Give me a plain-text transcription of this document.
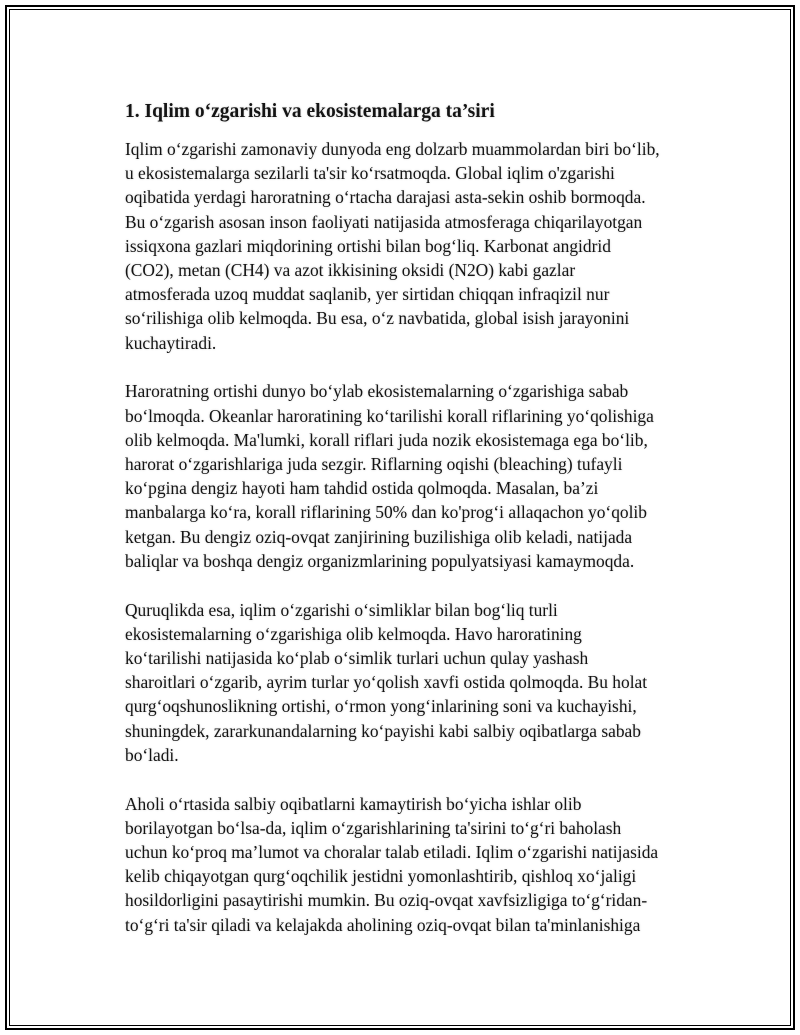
1. Iqlim o‘zgarishi va ekosistemalarga ta’siri

Iqlim o‘zgarishi zamonaviy dunyoda eng dolzarb muammolardan biri bo‘lib,
u ekosistemalarga sezilarli ta'sir ko‘rsatmoqda. Global iqlim o'zgarishi
oqibatida yerdagi haroratning o‘rtacha darajasi asta-sekin oshib bormoqda.
Bu o‘zgarish asosan inson faoliyati natijasida atmosferaga chiqarilayotgan
issiqxona gazlari miqdorining ortishi bilan bog‘liq. Karbonat angidrid
(CO2), metan (CH4) va azot ikkisining oksidi (N2O) kabi gazlar
atmosferada uzoq muddat saqlanib, yer sirtidan chiqqan infraqizil nur
so‘rilishiga olib kelmoqda. Bu esa, o‘z navbatida, global isish jarayonini
kuchaytiradi.

Haroratning ortishi dunyo bo‘ylab ekosistemalarning o‘zgarishiga sabab
bo‘lmoqda. Okeanlar haroratining ko‘tarilishi korall riflarining yo‘qolishiga
olib kelmoqda. Ma'lumki, korall riflari juda nozik ekosistemaga ega bo‘lib,
harorat o‘zgarishlariga juda sezgir. Riflarning oqishi (bleaching) tufayli
ko‘pgina dengiz hayoti ham tahdid ostida qolmoqda. Masalan, ba’zi
manbalarga ko‘ra, korall riflarining 50% dan ko'prog‘i allaqachon yo‘qolib
ketgan. Bu dengiz oziq-ovqat zanjirining buzilishiga olib keladi, natijada
baliqlar va boshqa dengiz organizmlarining populyatsiyasi kamaymoqda.

Quruqlikda esa, iqlim o‘zgarishi o‘simliklar bilan bog‘liq turli
ekosistemalarning o‘zgarishiga olib kelmoqda. Havo haroratining
ko‘tarilishi natijasida ko‘plab o‘simlik turlari uchun qulay yashash
sharoitlari o‘zgarib, ayrim turlar yo‘qolish xavfi ostida qolmoqda. Bu holat
qurg‘oqshunoslikning ortishi, o‘rmon yong‘inlarining soni va kuchayishi,
shuningdek, zararkunandalarning ko‘payishi kabi salbiy oqibatlarga sabab
bo‘ladi.

Aholi o‘rtasida salbiy oqibatlarni kamaytirish bo‘yicha ishlar olib
borilayotgan bo‘lsa-da, iqlim o‘zgarishlarining ta'sirini to‘g‘ri baholash
uchun ko‘proq ma’lumot va choralar talab etiladi. Iqlim o‘zgarishi natijasida
kelib chiqayotgan qurg‘oqchilik jestidni yomonlashtirib, qishloq xo‘jaligi
hosildorligini pasaytirishi mumkin. Bu oziq-ovqat xavfsizligiga to‘g‘ridan-
to‘g‘ri ta'sir qiladi va kelajakda aholining oziq-ovqat bilan ta'minlanishiga
